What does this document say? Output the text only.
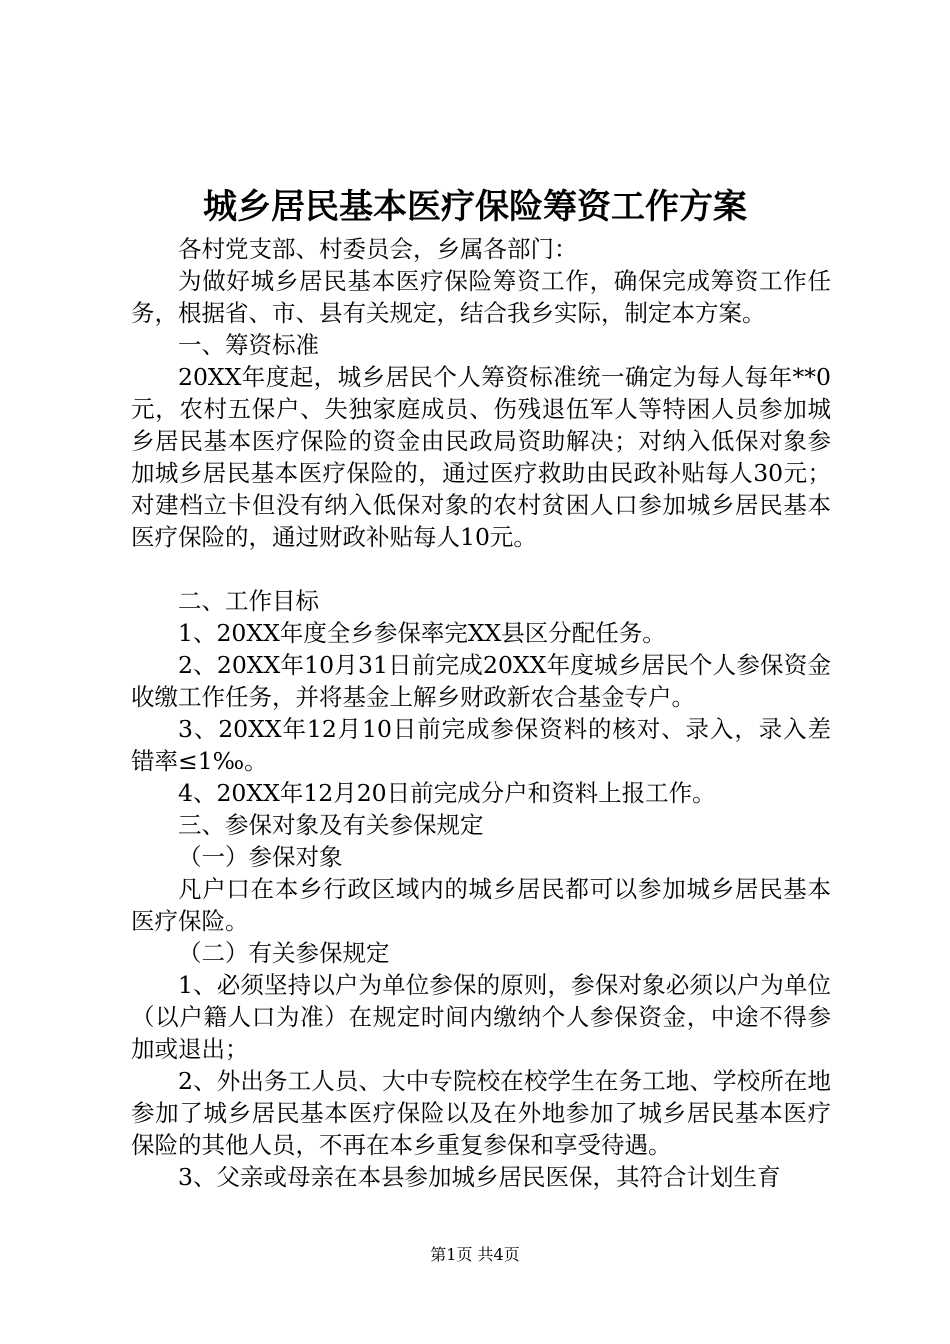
城乡居民基本医疗保险筹资工作方案

各村党支部、村委员会，乡属各部门：

为做好城乡居民基本医疗保险筹资工作，确保完成筹资工作任务，根据省、市、县有关规定，结合我乡实际，制定本方案。

一、筹资标准

20XX年度起，城乡居民个人筹资标准统一确定为每人每年**0元，农村五保户、失独家庭成员、伤残退伍军人等特困人员参加城乡居民基本医疗保险的资金由民政局资助解决；对纳入低保对象参加城乡居民基本医疗保险的，通过医疗救助由民政补贴每人30元；对建档立卡但没有纳入低保对象的农村贫困人口参加城乡居民基本医疗保险的，通过财政补贴每人10元。

二、工作目标

1、20XX年度全乡参保率完XX县区分配任务。

2、20XX年10月31日前完成20XX年度城乡居民个人参保资金收缴工作任务，并将基金上解乡财政新农合基金专户。

3、20XX年12月10日前完成参保资料的核对、录入，录入差错率≤1‰。

4、20XX年12月20日前完成分户和资料上报工作。

三、参保对象及有关参保规定

（一）参保对象

凡户口在本乡行政区域内的城乡居民都可以参加城乡居民基本医疗保险。

（二）有关参保规定

1、必须坚持以户为单位参保的原则，参保对象必须以户为单位（以户籍人口为准）在规定时间内缴纳个人参保资金，中途不得参加或退出；

2、外出务工人员、大中专院校在校学生在务工地、学校所在地参加了城乡居民基本医疗保险以及在外地参加了城乡居民基本医疗保险的其他人员，不再在本乡重复参保和享受待遇。

3、父亲或母亲在本县参加城乡居民医保，其符合计划生育

第1页 共4页
